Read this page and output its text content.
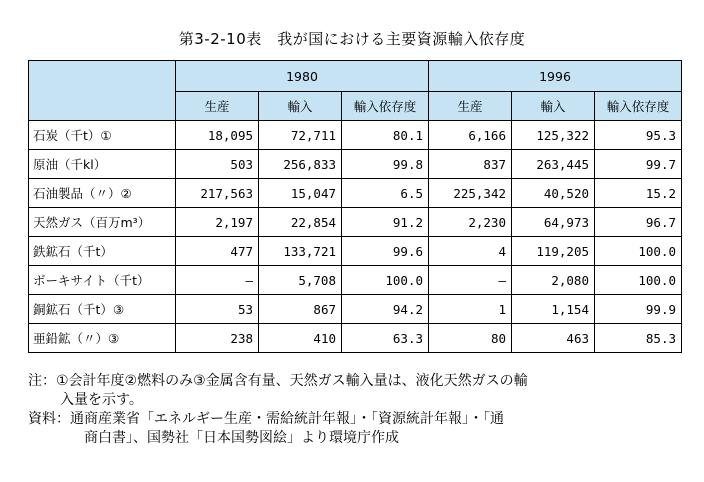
第3-2-10表　我が国における主要資源輸入依存度
	1980			1996		
	生産	輸入	輸入依存度	生産	輸入	輸入依存度
石炭（千t）①	18,095	72,711	80.1	6,166	125,322	95.3
原油（千kl）	503	256,833	99.8	837	263,445	99.7
石油製品（〃）②	217,563	15,047	6.5	225,342	40,520	15.2
天然ガス（百万m³）	2,197	22,854	91.2	2,230	64,973	96.7
鉄鉱石（千t）	477	133,721	99.6	4	119,205	100.0
ボーキサイト（千t）	—	5,708	100.0	—	2,080	100.0
銅鉱石（千t）③	53	867	94.2	1	1,154	99.9
亜鉛鉱（〃）③	238	410	63.3	80	463	85.3
注：①会計年度②燃料のみ③金属含有量、天然ガス輸入量は、液化天然ガスの輸
入量を示す。
資料：通商産業省「エネルギー生産・需給統計年報」・「資源統計年報」・「通
商白書」、国勢社「日本国勢図絵」より環境庁作成
